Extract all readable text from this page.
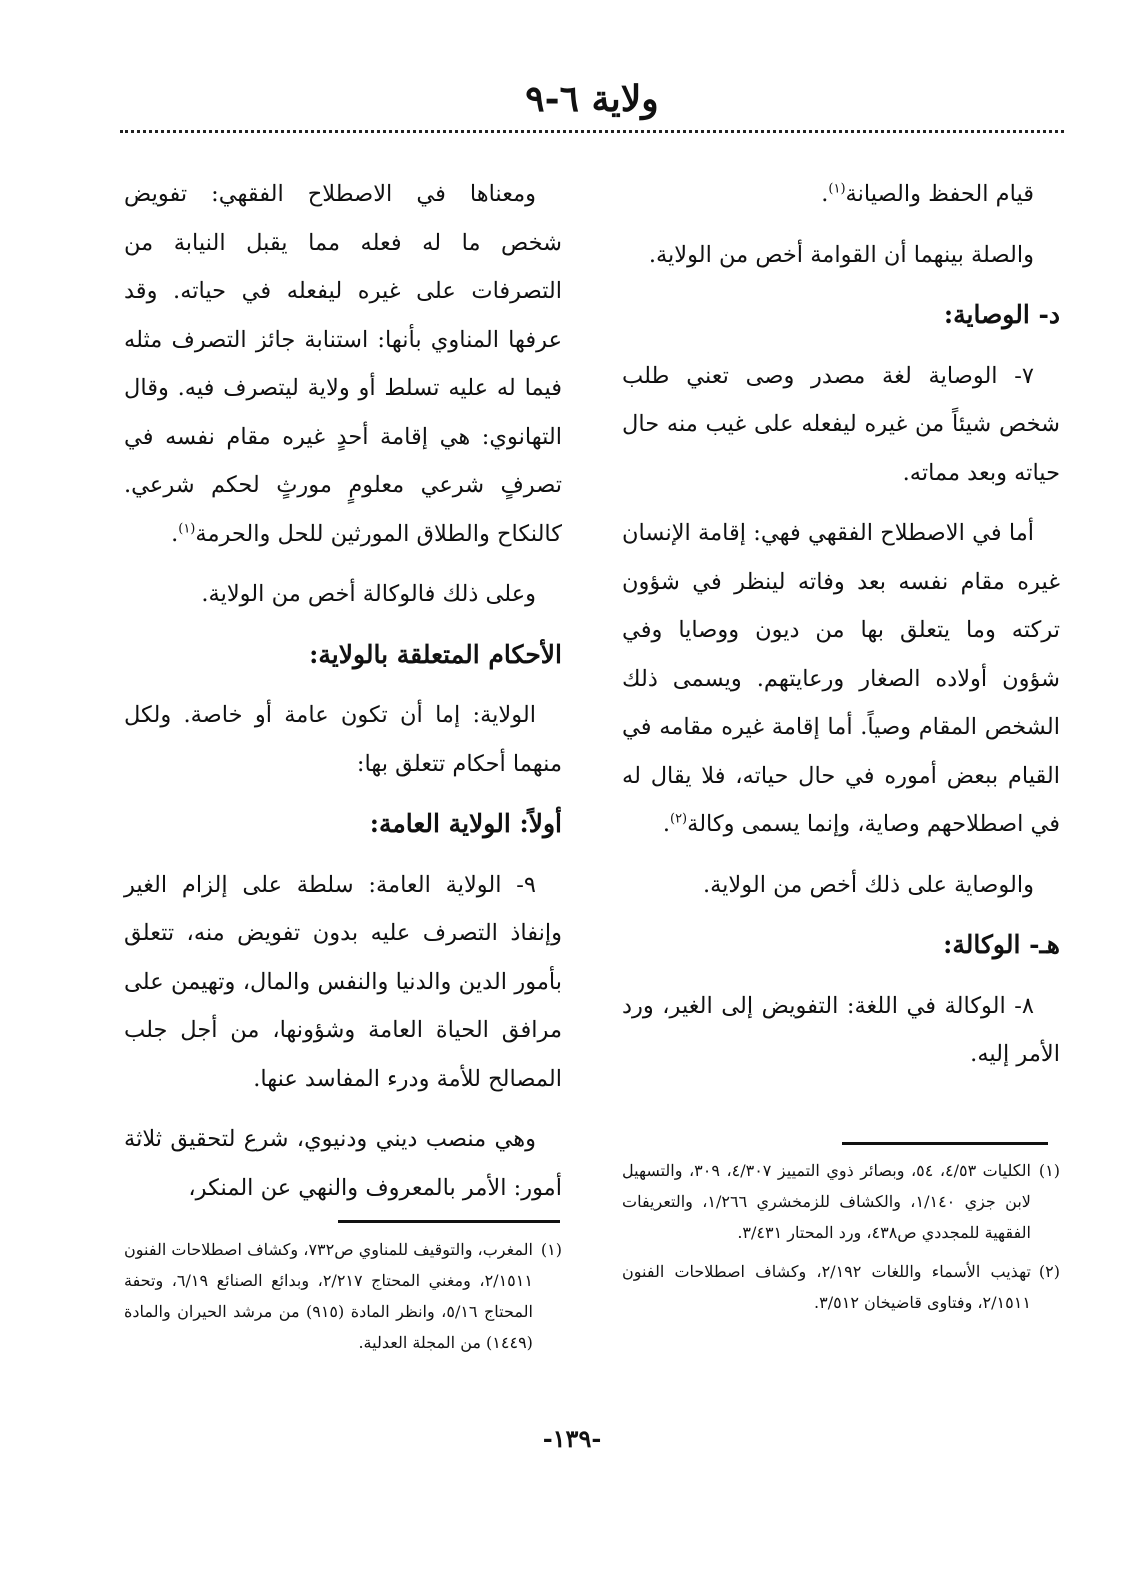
ولاية ٦-٩

قيام الحفظ والصيانة$^{(١)}$.

والصلة بينهما أن القوامة أخص من الولاية.

د- الوصاية:

٧- الوصاية لغة مصدر وصى تعني طلب شخص شيئاً من غيره ليفعله على غيب منه حال حياته وبعد مماته.

أما في الاصطلاح الفقهي فهي: إقامة الإنسان غيره مقام نفسه بعد وفاته لينظر في شؤون تركته وما يتعلق بها من ديون ووصايا وفي شؤون أولاده الصغار ورعايتهم. ويسمى ذلك الشخص المقام وصياً. أما إقامة غيره مقامه في القيام ببعض أموره في حال حياته، فلا يقال له في اصطلاحهم وصاية، وإنما يسمى وكالة$^{(٢)}$.

والوصاية على ذلك أخص من الولاية.

هـ- الوكالة:

٨- الوكالة في اللغة: التفويض إلى الغير، ورد الأمر إليه.

ومعناها في الاصطلاح الفقهي: تفويض شخص ما له فعله مما يقبل النيابة من التصرفات على غيره ليفعله في حياته. وقد عرفها المناوي بأنها: استنابة جائز التصرف مثله فيما له عليه تسلط أو ولاية ليتصرف فيه. وقال التهانوي: هي إقامة أحدٍ غيره مقام نفسه في تصرفٍ شرعي معلومٍ مورثٍ لحكم شرعي. كالنكاح والطلاق المورثين للحل والحرمة$^{(١)}$.

وعلى ذلك فالوكالة أخص من الولاية.

الأحكام المتعلقة بالولاية:

الولاية: إما أن تكون عامة أو خاصة. ولكل منهما أحكام تتعلق بها:

أولاً: الولاية العامة:

٩- الولاية العامة: سلطة على إلزام الغير وإنفاذ التصرف عليه بدون تفويض منه، تتعلق بأمور الدين والدنيا والنفس والمال، وتهيمن على مرافق الحياة العامة وشؤونها، من أجل جلب المصالح للأمة ودرء المفاسد عنها.

وهي منصب ديني ودنيوي، شرع لتحقيق ثلاثة أمور: الأمر بالمعروف والنهي عن المنكر،

(١)
الكليات ٤/٥٣، ٥٤، وبصائر ذوي التمييز ٤/٣٠٧، ٣٠٩، والتسهيل لابن جزي ١/١٤٠، والكشاف للزمخشري ١/٢٦٦، والتعريفات الفقهية للمجددي ص٤٣٨، ورد المحتار ٣/٤٣١.
(٢)
تهذيب الأسماء واللغات ٢/١٩٢، وكشاف اصطلاحات الفنون ٢/١٥١١، وفتاوى قاضيخان ٣/٥١٢.
(١)
المغرب، والتوقيف للمناوي ص٧٣٢، وكشاف اصطلاحات الفنون ٢/١٥١١، ومغني المحتاج ٢/٢١٧، وبدائع الصنائع ٦/١٩، وتحفة المحتاج ٥/١٦، وانظر المادة (٩١٥) من مرشد الحيران والمادة (١٤٤٩) من المجلة العدلية.
-١٣٩-
